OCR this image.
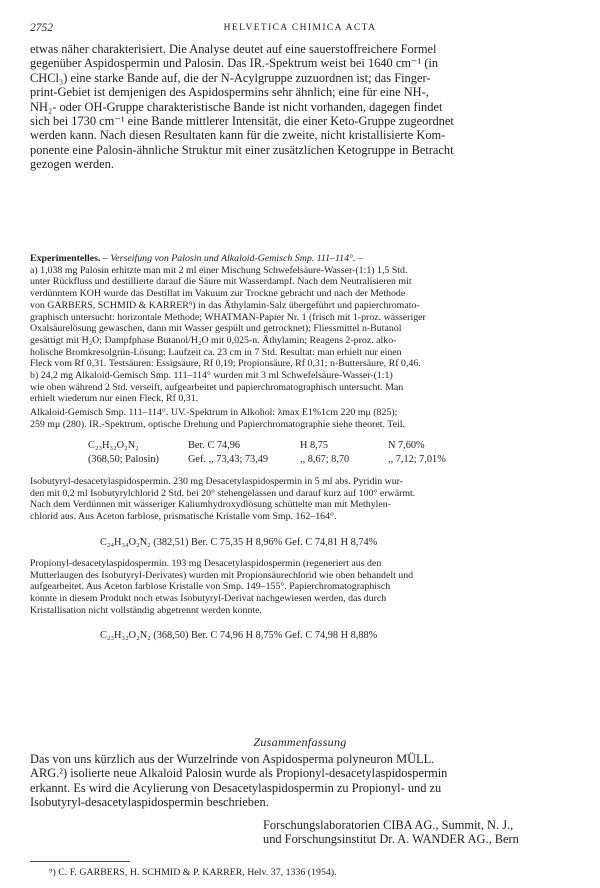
2752	HELVETICA CHIMICA ACTA
etwas näher charakterisiert. Die Analyse deutet auf eine sauerstoffreichere Formel
gegenüber Aspidospermin und Palosin. Das IR.-Spektrum weist bei 1640 cm⁻¹ (in
CHCl₃) eine starke Bande auf, die der N-Acylgruppe zuzuordnen ist; das Finger-
print-Gebiet ist demjenigen des Aspidospermins sehr ähnlich; eine für eine NH-,
NH₂- oder OH-Gruppe charakteristische Bande ist nicht vorhanden, dagegen findet
sich bei 1730 cm⁻¹ eine Bande mittlerer Intensität, die einer Keto-Gruppe zugeordnet
werden kann. Nach diesen Resultaten kann für die zweite, nicht kristallisierte Kom-
ponente eine Palosin-ähnliche Struktur mit einer zusätzlichen Ketogruppe in Betracht
gezogen werden.
Experimentelles. – Verseifung von Palosin und Alkaloid-Gemisch Smp. 111–114°. –
a) 1,038 mg Palosin erhitzte man mit 2 ml einer Mischung Schwefelsäure-Wasser-(1:1) 1,5 Std.
unter Rückfluss und destillierte darauf die Säure mit Wasserdampf. Nach dem Neutralisieren mit
verdünntem KOH wurde das Destillat im Vakuum zur Trockne gebracht und nach der Methode
von GARBERS, SCHMID & KARRER⁹) in das Äthylamin-Salz übergeführt und papierchromato-
graphisch untersucht: horizontale Methode; WHATMAN-Papier Nr. 1 (frisch mit 1-proz. wässeriger
Oxalsäurelösung gewaschen, dann mit Wasser gespült und getrocknet); Fliessmittel n-Butanol
gesättigt mit H₂O; Dampfphase Butanol/H₂O mit 0,025-n. Äthylamin; Reagens 2-proz. alko-
holische Bromkresolgrün-Lösung; Laufzeit ca. 23 cm in 7 Std. Resultat: man erhielt nur einen
Fleck vom Rf 0,31. Testsäuren: Essigsäure, Rf 0,19; Propionsäure, Rf 0,31; n-Buttersäure, Rf 0,46.
b) 24,2 mg Alkaloid-Gemisch Smp. 111–114° wurden mit 3 ml Schwefelsäure-Wasser-(1:1)
wie oben während 2 Std. verseift, aufgearbeitet und papierchromatographisch untersucht. Man
erhielt wiederum nur einen Fleck, Rf 0,31.
Alkaloid-Gemisch Smp. 111–114°. UV.-Spektrum in Alkohol: λmax E1%1cm 220 mμ (825);
259 mμ (280). IR.-Spektrum, optische Drehung und Papierchromatographie siehe theoret. Teil.
C₂₃H₃₂O₂N₂	Ber. C 74,96	H 8,75	N 7,60%
(368,50; Palosin)	Gef. ,, 73,43; 73,49	,, 8,67; 8,70	,, 7,12; 7,01%
Isobutyryl-desacetylaspidospermin. 230 mg Desacetylaspidospermin in 5 ml abs. Pyridin wur-
den mit 0,2 ml Isobutyrylchlorid 2 Std. bei 20° stehengelassen und darauf kurz auf 100° erwärmt.
Nach dem Verdünnen mit wässeriger Kaliumhydroxydlösung schüttelte man mit Methylen-
chlorid aus. Aus Aceton farblose, prismatische Kristalle vom Smp. 162–164°.
C₂₄H₃₄O₂N₂ (382,51) Ber. C 75,35 H 8,96% Gef. C 74,81 H 8,74%
Propionyl-desacetylaspidospermin. 193 mg Desacetylaspidospermin (regeneriert aus den
Mutterlaugen des Isobutyryl-Derivates) wurden mit Propionsäurechlorid wie oben behandelt und
aufgearbeitet. Aus Aceton farblose Kristalle von Smp. 149–155°. Papierchromatographisch
konnte in diesem Produkt noch etwas Isobutyryl-Derivat nachgewiesen werden, das durch
Kristallisation nicht vollständig abgetrennt werden konnte.
C₂₃H₃₂O₂N₂ (368,50) Ber. C 74,96 H 8,75% Gef. C 74,98 H 8,88%
Zusammenfassung
Das von uns kürzlich aus der Wurzelrinde von Aspidosperma polyneuron MÜLL.
ARG.²) isolierte neue Alkaloid Palosin wurde als Propionyl-desacetylaspidospermin
erkannt. Es wird die Acylierung von Desacetylaspidospermin zu Propionyl- und zu
Isobutyryl-desacetylaspidospermin beschrieben.
Forschungslaboratorien CIBA AG., Summit, N. J.,
und Forschungsinstitut Dr. A. WANDER AG., Bern
⁹) C. F. GARBERS, H. SCHMID & P. KARRER, Helv. 37, 1336 (1954).
